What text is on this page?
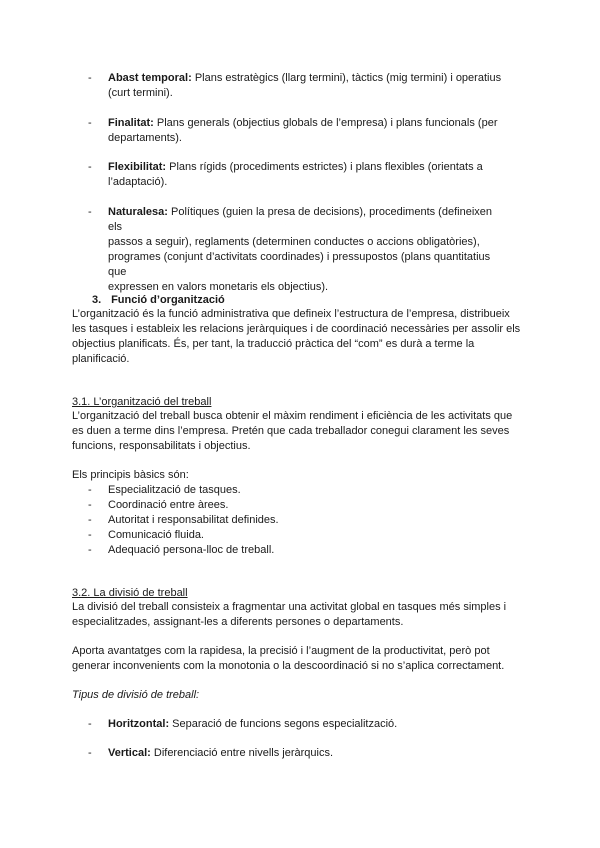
- Abast temporal: Plans estratègics (llarg termini), tàctics (mig termini) i operatius
(curt termini).
- Finalitat: Plans generals (objectius globals de l’empresa) i plans funcionals (per
departaments).
- Flexibilitat: Plans rígids (procediments estrictes) i plans flexibles (orientats a
l’adaptació).
- Naturalesa: Polítiques (guien la presa de decisions), procediments (defineixen els
passos a seguir), reglaments (determinen conductes o accions obligatòries),
programes (conjunt d’activitats coordinades) i pressupostos (plans quantitatius que
expressen en valors monetaris els objectius).
3. Funció d’organització
L’organització és la funció administrativa que defineix l’estructura de l’empresa, distribueix
les tasques i estableix les relacions jeràrquiques i de coordinació necessàries per assolir els
objectius planificats. És, per tant, la traducció pràctica del “com” es durà a terme la
planificació.
3.1. L’organització del treball
L’organització del treball busca obtenir el màxim rendiment i eficiència de les activitats que
es duen a terme dins l’empresa. Pretén que cada treballador conegui clarament les seves
funcions, responsabilitats i objectius.
Els principis bàsics són:
- Especialització de tasques.
- Coordinació entre àrees.
- Autoritat i responsabilitat definides.
- Comunicació fluida.
- Adequació persona-lloc de treball.
3.2. La divisió de treball
La divisió del treball consisteix a fragmentar una activitat global en tasques més simples i
especialitzades, assignant-les a diferents persones o departaments.
Aporta avantatges com la rapidesa, la precisió i l’augment de la productivitat, però pot
generar inconvenients com la monotonia o la descoordinació si no s’aplica correctament.
Tipus de divisió de treball:
- Horitzontal: Separació de funcions segons especialització.
- Vertical: Diferenciació entre nivells jeràrquics.
